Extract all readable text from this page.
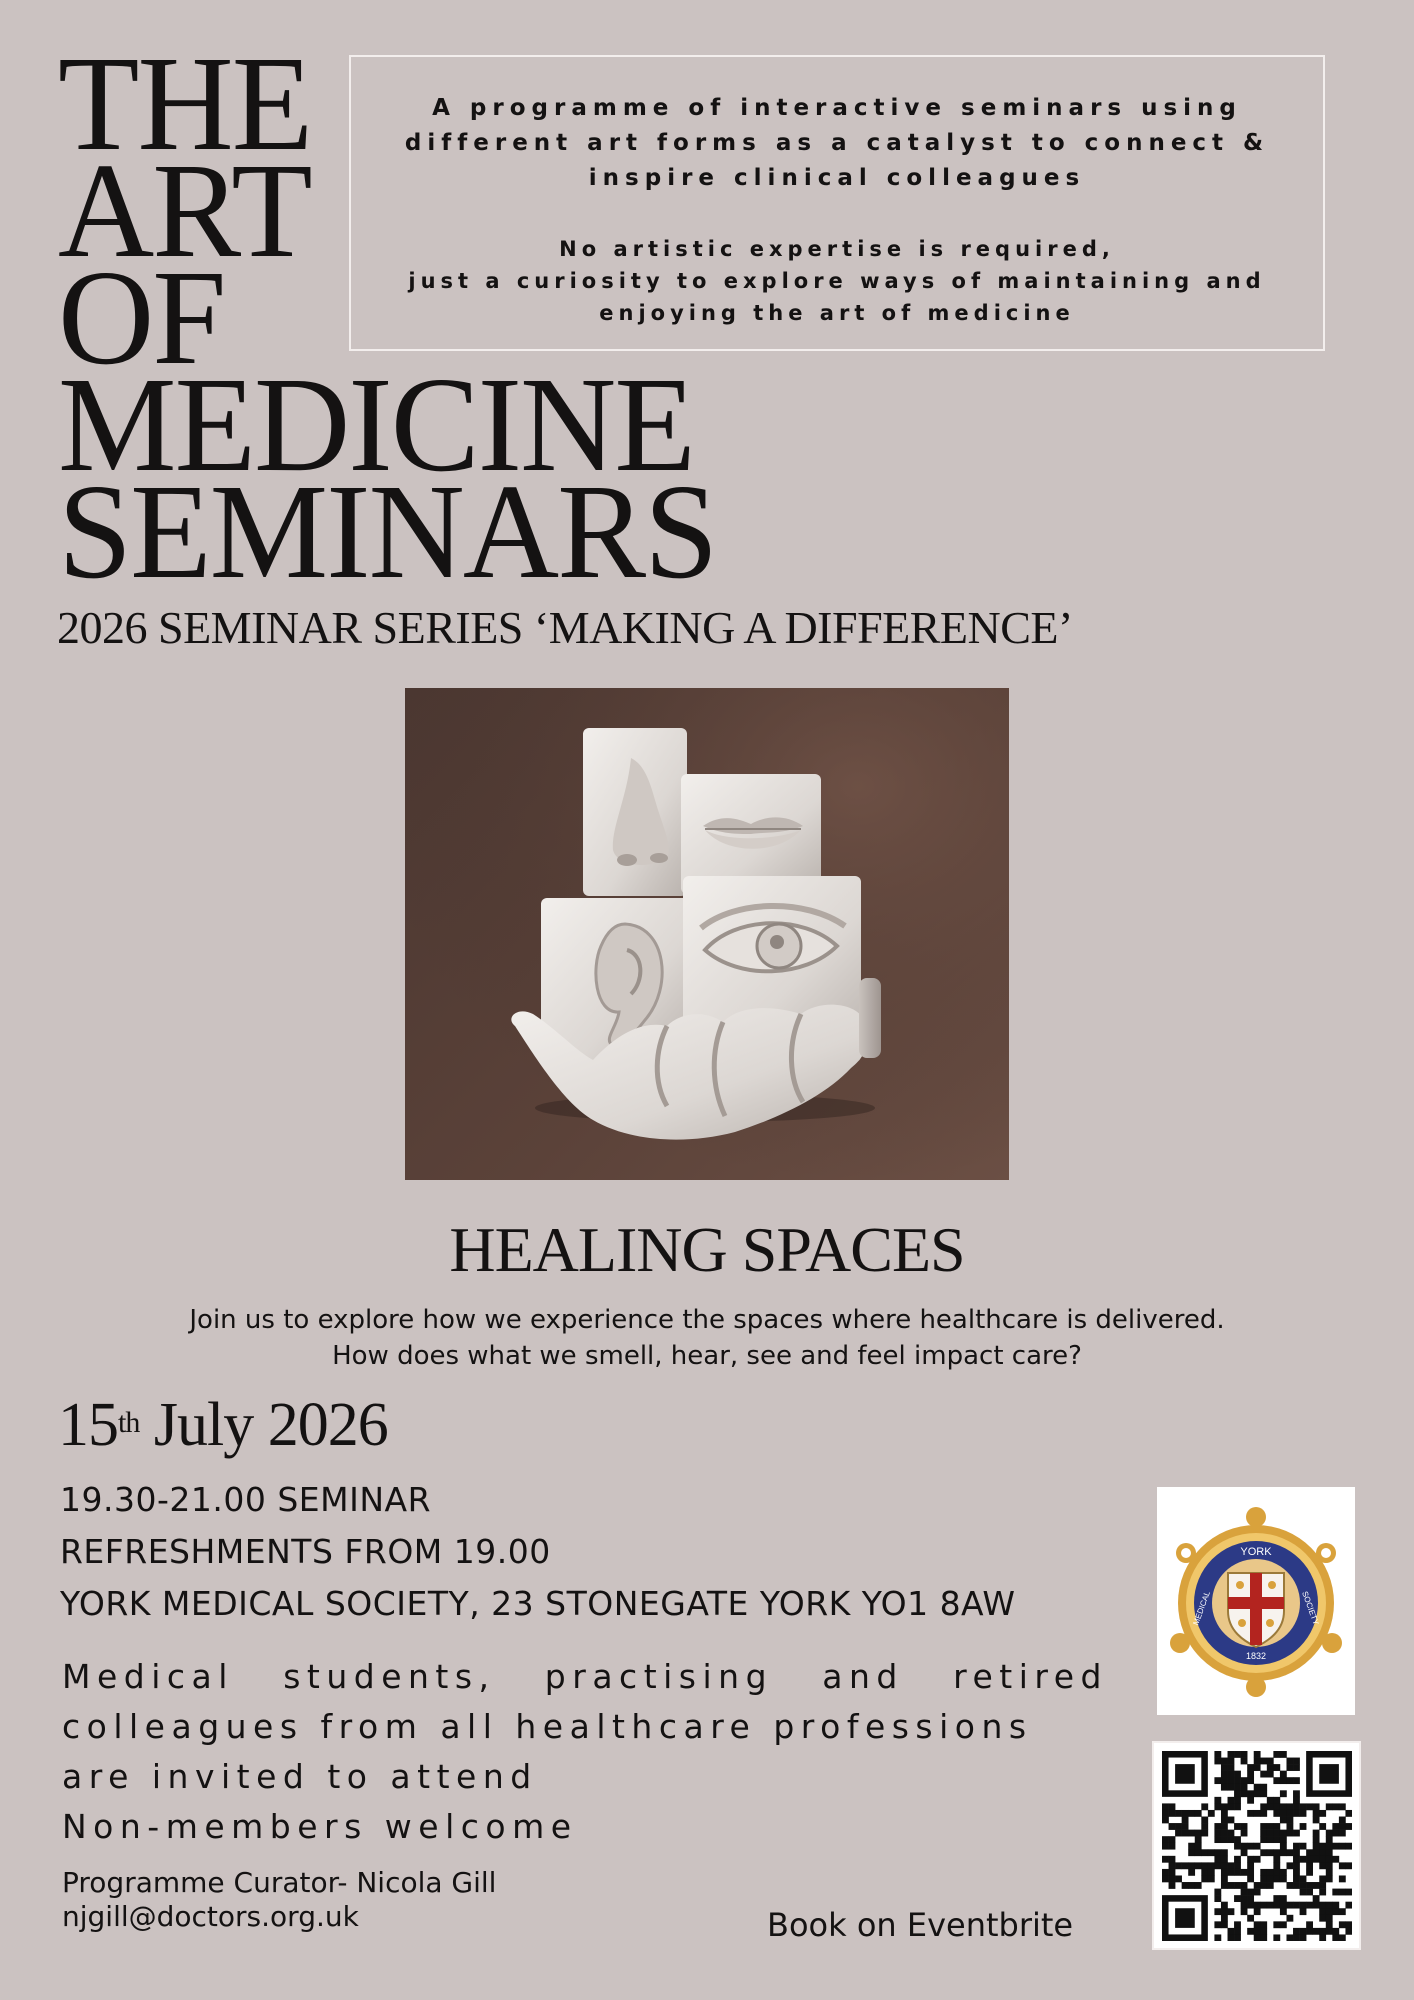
THE
ART
OF
MEDICINE
SEMINARS
A programme of interactive seminars using
different art forms as a catalyst to connect &
inspire clinical colleagues
No artistic expertise is required,
just a curiosity to explore ways of maintaining and
enjoying the art of medicine
2026 SEMINAR SERIES ‘MAKING A DIFFERENCE’
HEALING SPACES
Join us to explore how we experience the spaces where healthcare is delivered.
How does what we smell, hear, see and feel impact care?
15th July 2026
19.30-21.00 SEMINAR
REFRESHMENTS FROM 19.00
YORK MEDICAL SOCIETY, 23 STONEGATE YORK YO1 8AW
Medical students, practising and retired colleagues from all healthcare professions
are invited to attend
Non-members welcome
Programme Curator- Nicola Gill
njgill@doctors.org.uk	Book on Eventbrite
YORK
MEDICAL	SOCIETY
1832
